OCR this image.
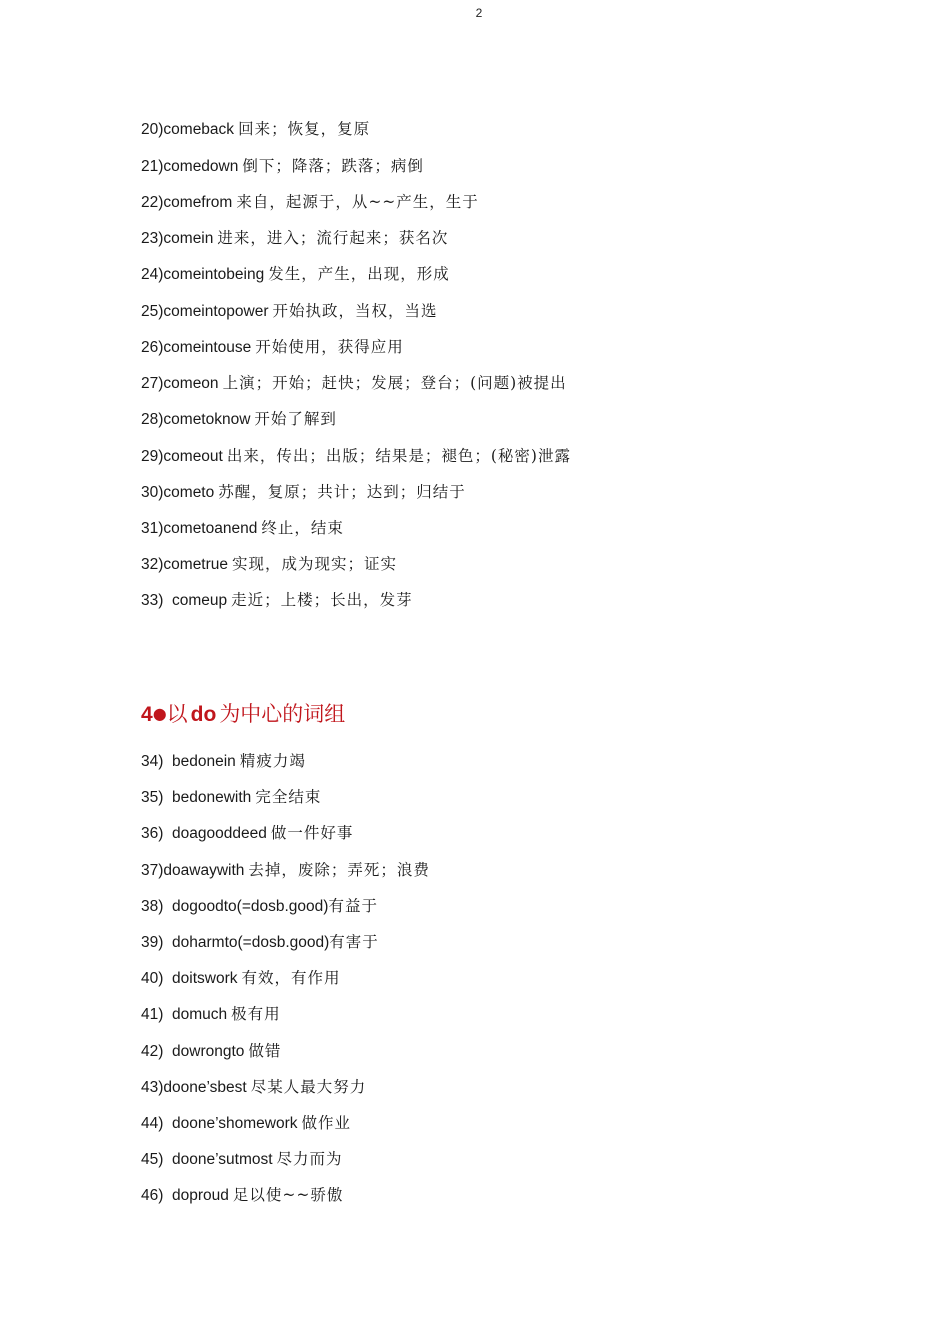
2
20)comeback 回来；恢复，复原
21)comedown 倒下；降落；跌落；病倒
22)comefrom 来自，起源于，从~~产生，生于
23)comein 进来，进入；流行起来；获名次
24)comeintobeing 发生，产生，出现，形成
25)comeintopower 开始执政，当权，当选
26)comeintouse 开始使用，获得应用
27)comeon 上演；开始；赶快；发展；登台；(问题)被提出
28)cometoknow 开始了解到
29)comeout 出来，传出；出版；结果是；褪色；(秘密)泄露
30)cometo 苏醒，复原；共计；达到；归结于
31)cometoanend 终止，结束
32)cometrue 实现，成为现实；证实
33)  comeup 走近；上楼；长出，发芽
4●以 do 为中心的词组
34)  bedonein 精疲力竭
35)  bedonewith 完全结束
36)  doagooddeed 做一件好事
37)doawaywith 去掉，废除；弄死；浪费
38)  dogoodto(=dosb.good)有益于
39)  doharmto(=dosb.good)有害于
40)  doitswork 有效，有作用
41)  domuch 极有用
42)  dowrongto 做错
43)doone’sbest 尽某人最大努力
44)  doone’shomework 做作业
45)  doone’sutmost 尽力而为
46)  doproud 足以使~~骄傲
